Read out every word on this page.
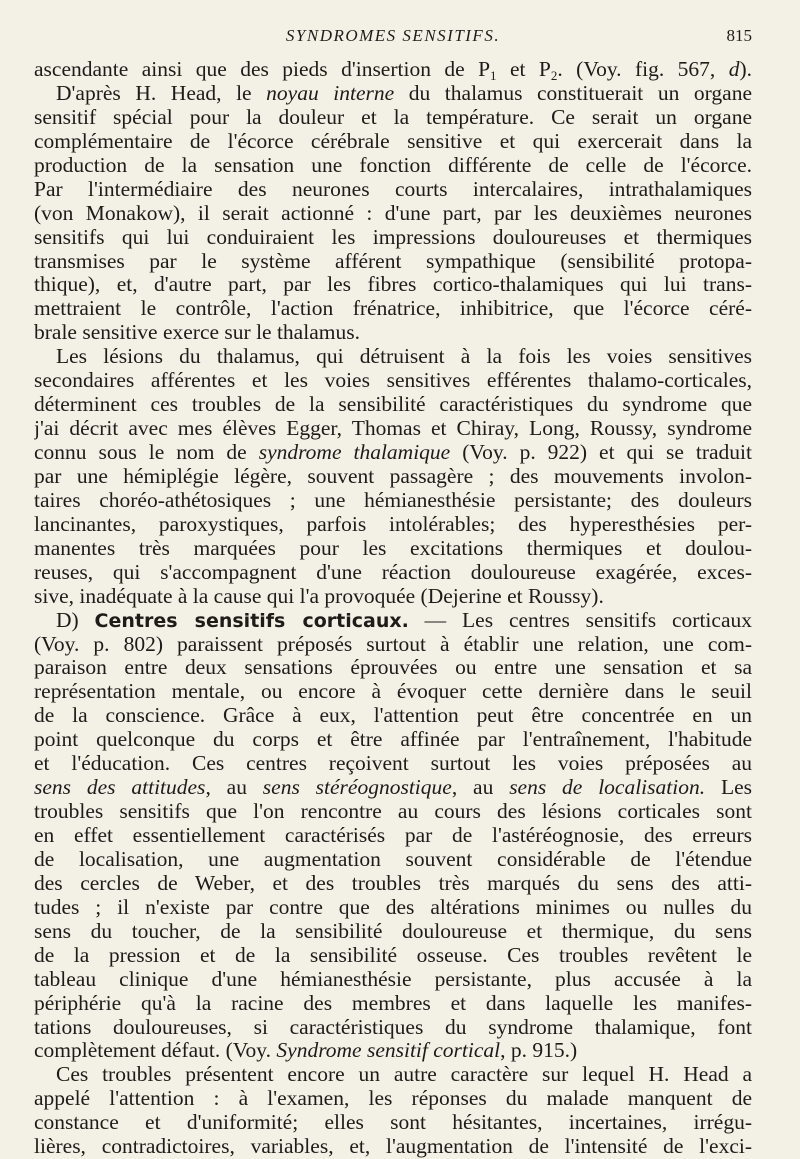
SYNDROMES SENSITIFS.	815
ascendante ainsi que des pieds d'insertion de $P_1$ et $P_2$. (Voy. fig. 567, d).
D'après H. Head, le noyau interne du thalamus constituerait un organe
sensitif spécial pour la douleur et la température. Ce serait un organe
complémentaire de l'écorce cérébrale sensitive et qui exercerait dans la
production de la sensation une fonction différente de celle de l'écorce.
Par l'intermédiaire des neurones courts intercalaires, intrathalamiques
(von Monakow), il serait actionné : d'une part, par les deuxièmes neurones
sensitifs qui lui conduiraient les impressions douloureuses et thermiques
transmises par le système afférent sympathique (sensibilité protopa-
thique), et, d'autre part, par les fibres cortico-thalamiques qui lui trans-
mettraient le contrôle, l'action frénatrice, inhibitrice, que l'écorce céré-
brale sensitive exerce sur le thalamus.
Les lésions du thalamus, qui détruisent à la fois les voies sensitives
secondaires afférentes et les voies sensitives efférentes thalamo-corticales,
déterminent ces troubles de la sensibilité caractéristiques du syndrome que
j'ai décrit avec mes élèves Egger, Thomas et Chiray, Long, Roussy, syndrome
connu sous le nom de syndrome thalamique (Voy. p. 922) et qui se traduit
par une hémiplégie légère, souvent passagère ; des mouvements involon-
taires choréo-athétosiques ; une hémianesthésie persistante; des douleurs
lancinantes, paroxystiques, parfois intolérables; des hyperesthésies per-
manentes très marquées pour les excitations thermiques et doulou-
reuses, qui s'accompagnent d'une réaction douloureuse exagérée, exces-
sive, inadéquate à la cause qui l'a provoquée (Dejerine et Roussy).
D) Centres sensitifs corticaux. — Les centres sensitifs corticaux
(Voy. p. 802) paraissent préposés surtout à établir une relation, une com-
paraison entre deux sensations éprouvées ou entre une sensation et sa
représentation mentale, ou encore à évoquer cette dernière dans le seuil
de la conscience. Grâce à eux, l'attention peut être concentrée en un
point quelconque du corps et être affinée par l'entraînement, l'habitude
et l'éducation. Ces centres reçoivent surtout les voies préposées au
sens des attitudes, au sens stéréognostique, au sens de localisation. Les
troubles sensitifs que l'on rencontre au cours des lésions corticales sont
en effet essentiellement caractérisés par de l'astéréognosie, des erreurs
de localisation, une augmentation souvent considérable de l'étendue
des cercles de Weber, et des troubles très marqués du sens des atti-
tudes ; il n'existe par contre que des altérations minimes ou nulles du
sens du toucher, de la sensibilité douloureuse et thermique, du sens
de la pression et de la sensibilité osseuse. Ces troubles revêtent le
tableau clinique d'une hémianesthésie persistante, plus accusée à la
périphérie qu'à la racine des membres et dans laquelle les manifes-
tations douloureuses, si caractéristiques du syndrome thalamique, font
complètement défaut. (Voy. Syndrome sensitif cortical, p. 915.)
Ces troubles présentent encore un autre caractère sur lequel H. Head a
appelé l'attention : à l'examen, les réponses du malade manquent de
constance et d'uniformité; elles sont hésitantes, incertaines, irrégu-
lières, contradictoires, variables, et, l'augmentation de l'intensité de l'exci-
